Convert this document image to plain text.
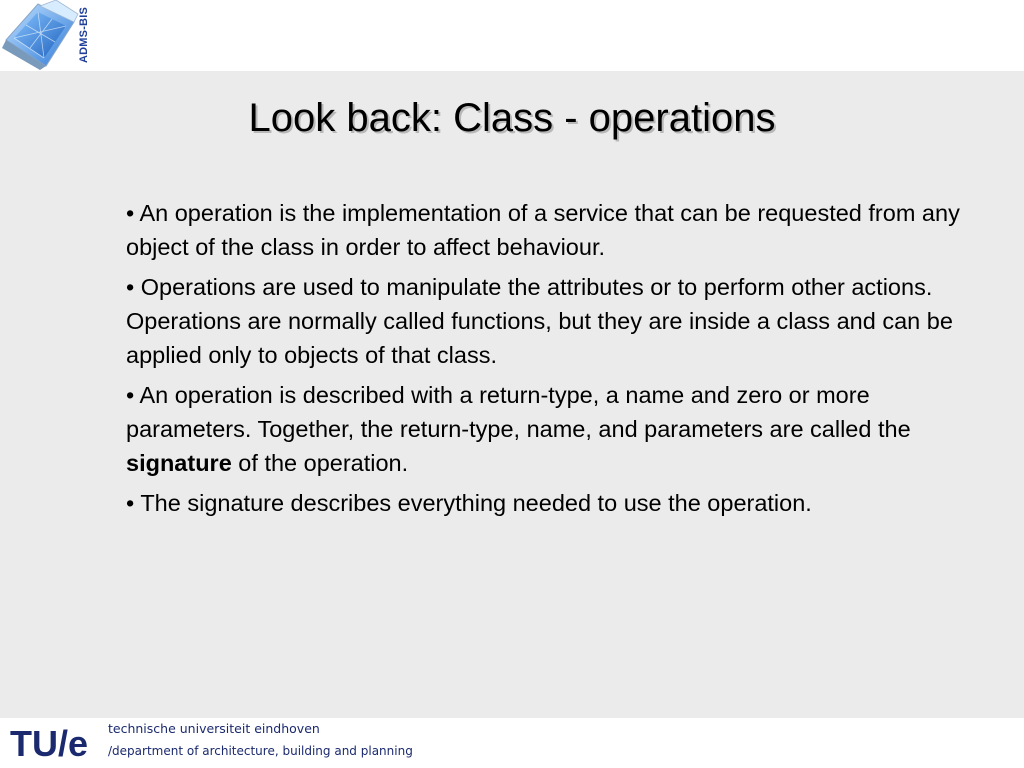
ADMS-BIS
Look back: Class - operations
• An operation is the implementation of a service that can be requested from any object of the class in order to affect behaviour.
• Operations are used to manipulate the attributes or to perform other actions. Operations are normally called functions, but they are inside a class and can be applied only to objects of that class.
• An operation is described with a return-type, a name and zero or more parameters. Together, the return-type, name, and parameters are called the signature of the operation.
• The signature describes everything needed to use the operation.
TU/e technische universiteit eindhoven
/department of architecture, building and planning
